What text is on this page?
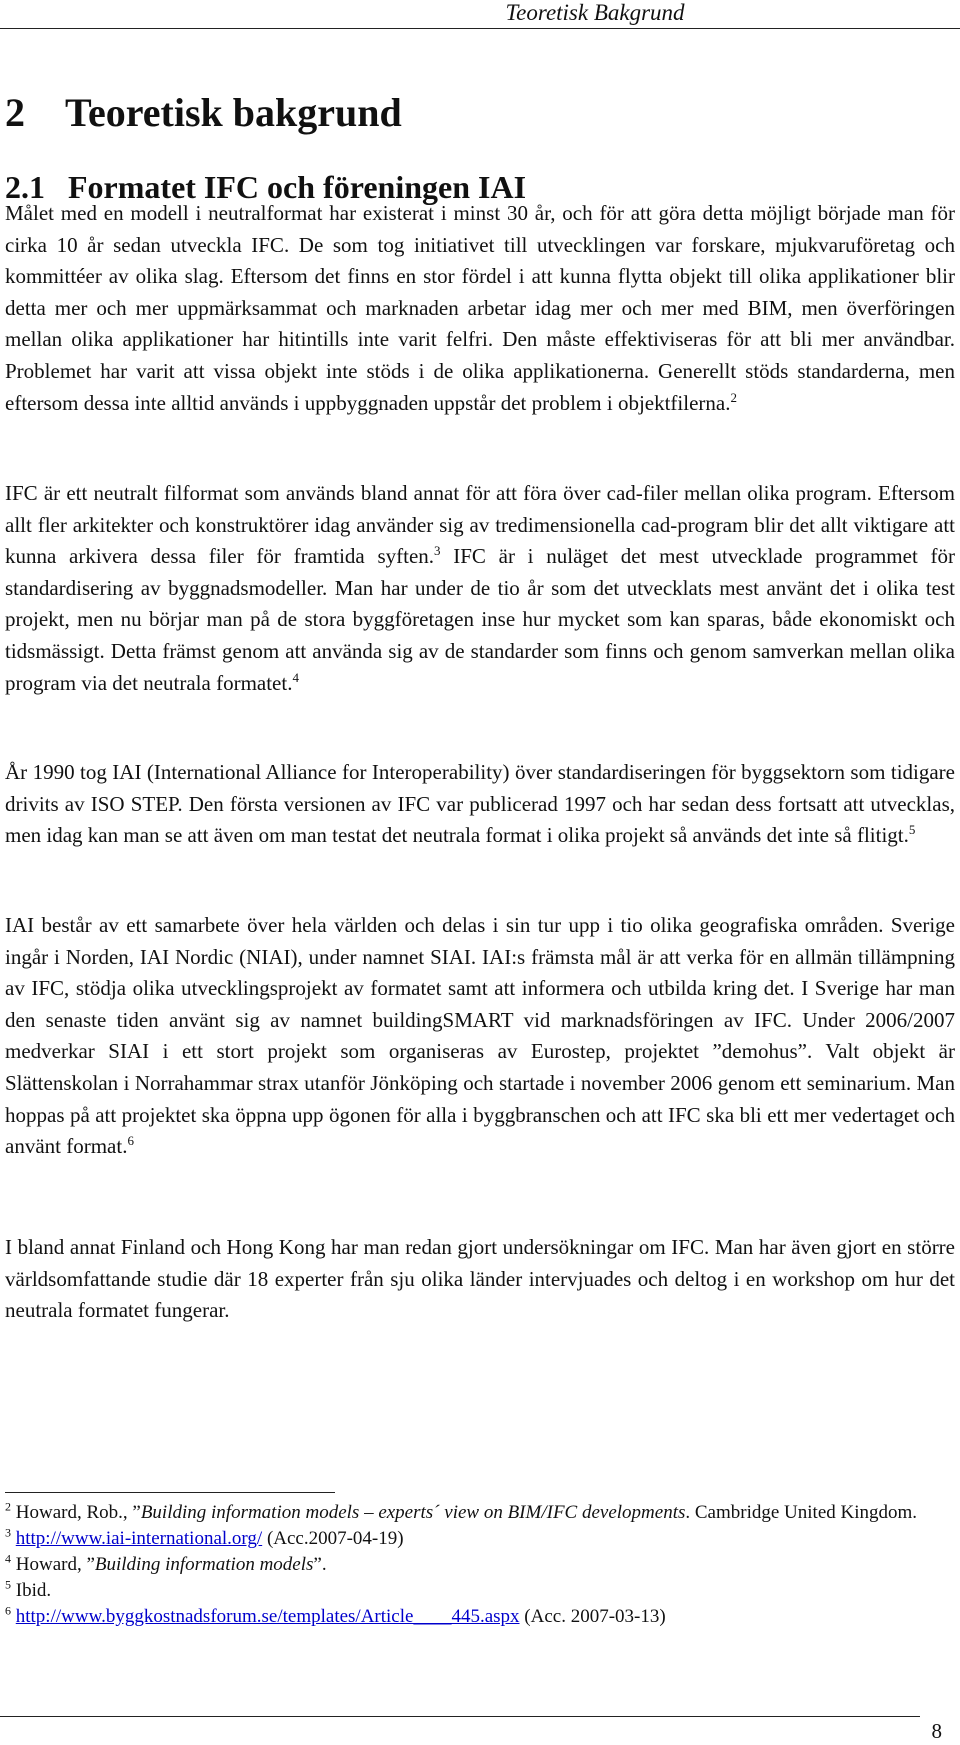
Teoretisk Bakgrund
2 Teoretisk bakgrund
2.1 Formatet IFC och föreningen IAI

Målet med en modell i neutralformat har existerat i minst 30 år, och för att göra detta möjligt började man för cirka 10 år sedan utveckla IFC. De som tog initiativet till utvecklingen var forskare, mjukvaruföretag och kommittéer av olika slag. Eftersom det finns en stor fördel i att kunna flytta objekt till olika applikationer blir detta mer och mer uppmärksammat och marknaden arbetar idag mer och mer med BIM, men överföringen mellan olika applikationer har hitintills inte varit felfri. Den måste effektiviseras för att bli mer användbar. Problemet har varit att vissa objekt inte stöds i de olika applikationerna. Generellt stöds standarderna, men eftersom dessa inte alltid används i uppbyggnaden uppstår det problem i objektfilerna.$^2$

IFC är ett neutralt filformat som används bland annat för att föra över cad-filer mellan olika program. Eftersom allt fler arkitekter och konstruktörer idag använder sig av tredimensionella cad-program blir det allt viktigare att kunna arkivera dessa filer för framtida syften.$^3$ IFC är i nuläget det mest utvecklade programmet för standardisering av byggnadsmodeller. Man har under de tio år som det utvecklats mest använt det i olika test projekt, men nu börjar man på de stora byggföretagen inse hur mycket som kan sparas, både ekonomiskt och tidsmässigt. Detta främst genom att använda sig av de standarder som finns och genom samverkan mellan olika program via det neutrala formatet.$^4$

År 1990 tog IAI (International Alliance for Interoperability) över standardiseringen för byggsektorn som tidigare drivits av ISO STEP. Den första versionen av IFC var publicerad 1997 och har sedan dess fortsatt att utvecklas, men idag kan man se att även om man testat det neutrala format i olika projekt så används det inte så flitigt.$^5$

IAI består av ett samarbete över hela världen och delas i sin tur upp i tio olika geografiska områden. Sverige ingår i Norden, IAI Nordic (NIAI), under namnet SIAI. IAI:s främsta mål är att verka för en allmän tillämpning av IFC, stödja olika utvecklingsprojekt av formatet samt att informera och utbilda kring det. I Sverige har man den senaste tiden använt sig av namnet buildingSMART vid marknadsföringen av IFC. Under 2006/2007 medverkar SIAI i ett stort projekt som organiseras av Eurostep, projektet ”demohus”. Valt objekt är Slättenskolan i Norrahammar strax utanför Jönköping och startade i november 2006 genom ett seminarium. Man hoppas på att projektet ska öppna upp ögonen för alla i byggbranschen och att IFC ska bli ett mer vedertaget och använt format.$^6$

I bland annat Finland och Hong Kong har man redan gjort undersökningar om IFC. Man har även gjort en större världsomfattande studie där 18 experter från sju olika länder intervjuades och deltog i en workshop om hur det neutrala formatet fungerar.

$^2$ Howard, Rob., ”Building information models – experts´ view on BIM/IFC developments. Cambridge United Kingdom.
$^3$ http://www.iai-international.org/ (Acc.2007-04-19)
$^4$ Howard, ”Building information models”.
$^5$ Ibid.
$^6$ http://www.byggkostnadsforum.se/templates/Article____445.aspx (Acc. 2007-03-13)
8
